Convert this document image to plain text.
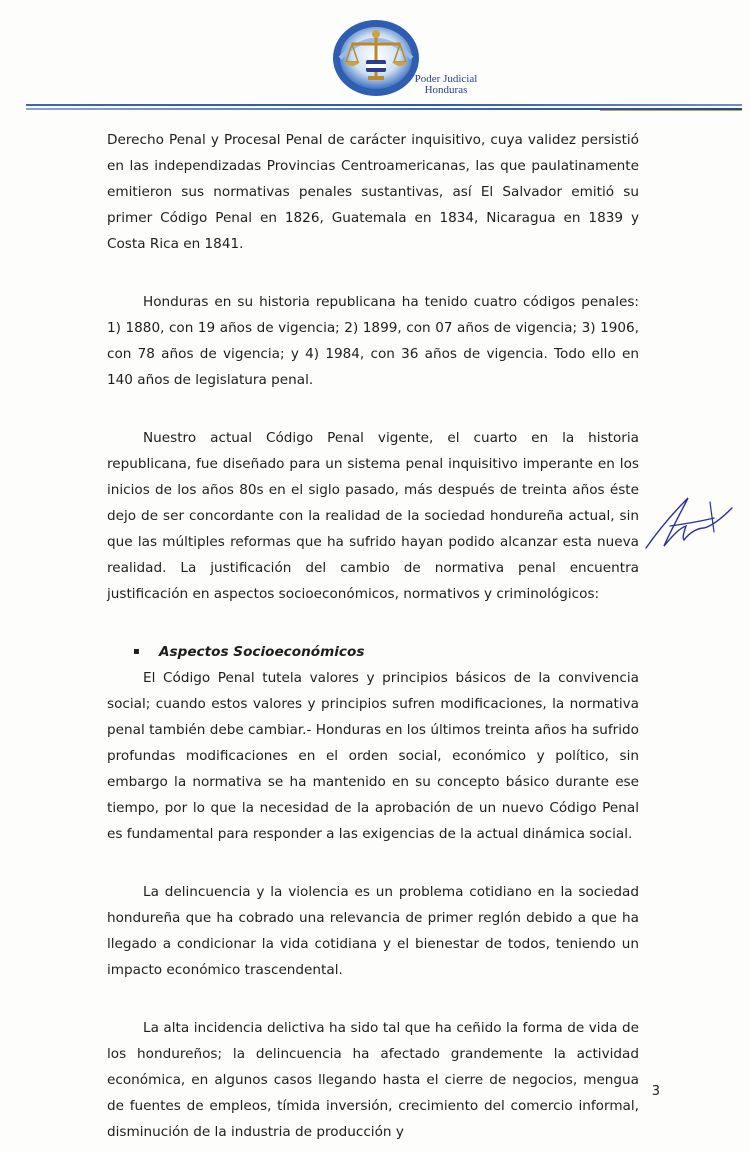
Poder Judicial
Honduras

Derecho Penal y Procesal Penal de carácter inquisitivo, cuya validez persistió en las independizadas Provincias Centroamericanas, las que paulatinamente emitieron sus normativas penales sustantivas, así El Salvador emitió su primer Código Penal en 1826, Guatemala en 1834, Nicaragua en 1839 y Costa Rica en 1841.

Honduras en su historia republicana ha tenido cuatro códigos penales: 1) 1880, con 19 años de vigencia; 2) 1899, con 07 años de vigencia; 3) 1906, con 78 años de vigencia; y 4) 1984, con 36 años de vigencia. Todo ello en 140 años de legislatura penal.

Nuestro actual Código Penal vigente, el cuarto en la historia republicana, fue diseñado para un sistema penal inquisitivo imperante en los inicios de los años 80s en el siglo pasado, más después de treinta años éste dejo de ser concordante con la realidad de la sociedad hondureña actual, sin que las múltiples reformas que ha sufrido hayan podido alcanzar esta nueva realidad. La justificación del cambio de normativa penal encuentra justificación en aspectos socioeconómicos, normativos y criminológicos:

▪ Aspectos Socioeconómicos

El Código Penal tutela valores y principios básicos de la convivencia social; cuando estos valores y principios sufren modificaciones, la normativa penal también debe cambiar.- Honduras en los últimos treinta años ha sufrido profundas modificaciones en el orden social, económico y político, sin embargo la normativa se ha mantenido en su concepto básico durante ese tiempo, por lo que la necesidad de la aprobación de un nuevo Código Penal es fundamental para responder a las exigencias de la actual dinámica social.

La delincuencia y la violencia es un problema cotidiano en la sociedad hondureña que ha cobrado una relevancia de primer reglón debido a que ha llegado a condicionar la vida cotidiana y el bienestar de todos, teniendo un impacto económico trascendental.

La alta incidencia delictiva ha sido tal que ha ceñido la forma de vida de los hondureños; la delincuencia ha afectado grandemente la actividad económica, en algunos casos llegando hasta el cierre de negocios, mengua de fuentes de empleos, tímida inversión, crecimiento del comercio informal, disminución de la industria de producción y

3
